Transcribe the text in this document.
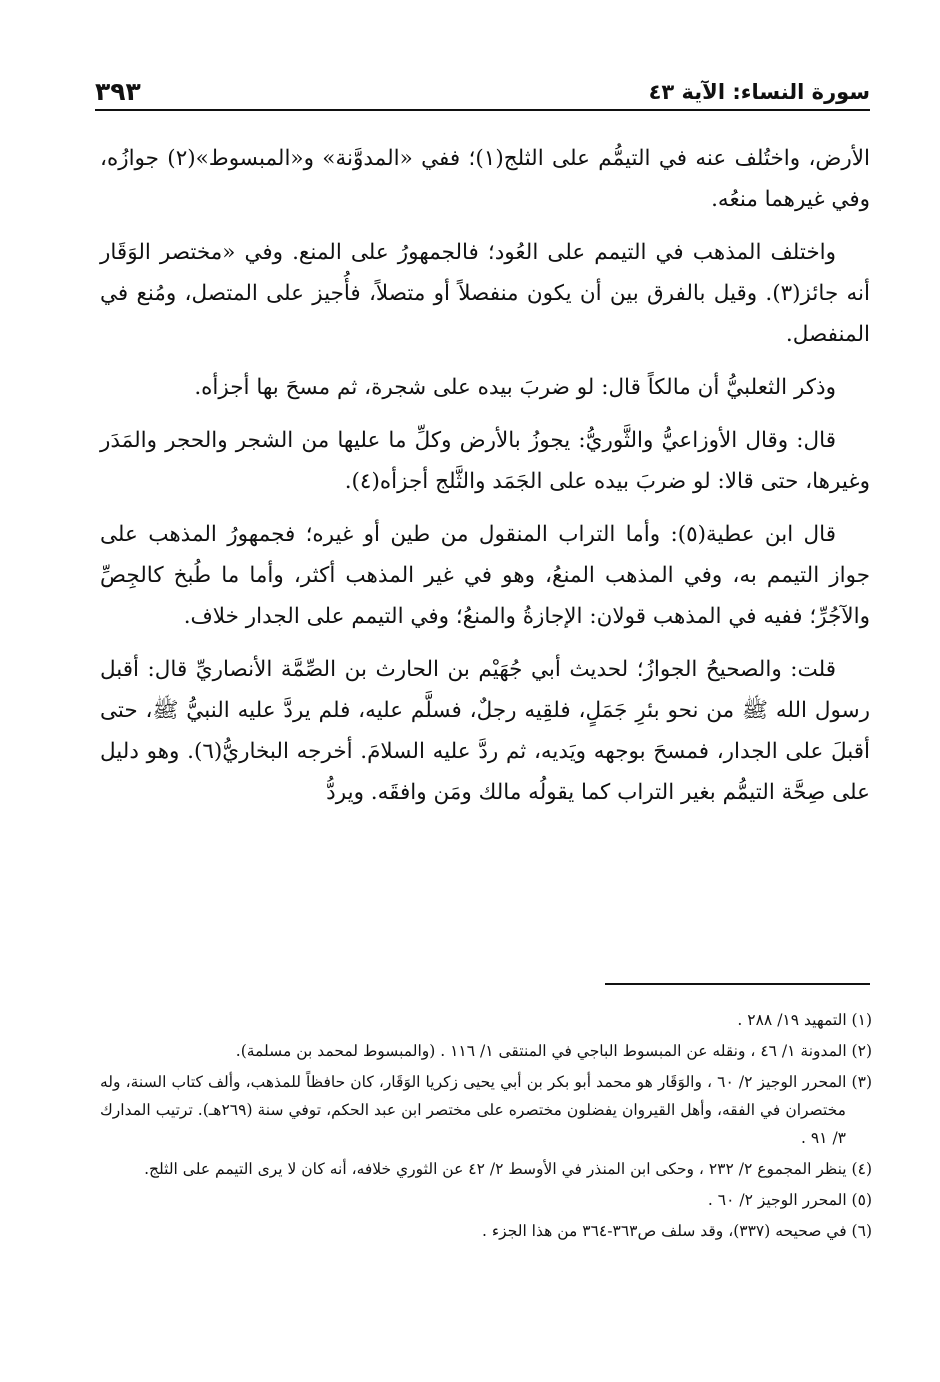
سورة النساء: الآية ٤٣
٣٩٣

الأرض، واختُلف عنه في التيمُّم على الثلج(١)؛ ففي «المدوَّنة» و«المبسوط»(٢) جوازُه، وفي غيرهما منعُه.

واختلف المذهب في التيمم على العُود؛ فالجمهورُ على المنع. وفي «مختصر الوَقَار أنه جائز(٣). وقيل بالفرق بين أن يكون منفصلاً أو متصلاً، فأُجيز على المتصل، ومُنع في المنفصل.

وذكر الثعلبيُّ أن مالكاً قال: لو ضربَ بيده على شجرة، ثم مسحَ بها أجزأه.

قال: وقال الأوزاعيُّ والثَّوريُّ: يجوزُ بالأرض وكلِّ ما عليها من الشجر والحجر والمَدَر وغيرها، حتى قالا: لو ضربَ بيده على الجَمَد والثَّلج أجزأه(٤).

قال ابن عطية(٥): وأما التراب المنقول من طين أو غيره؛ فجمهورُ المذهب على جواز التيمم به، وفي المذهب المنعُ، وهو في غير المذهب أكثر، وأما ما طُبخ كالجِصِّ والآجُرِّ؛ ففيه في المذهب قولان: الإجازةُ والمنعُ؛ وفي التيمم على الجدار خلاف.

قلت: والصحيحُ الجوازُ؛ لحديث أبي جُهَيْم بن الحارث بن الصِّمَّة الأنصاريِّ قال: أقبل رسول الله ﷺ من نحو بئرِ جَمَلٍ، فلقِيه رجلٌ، فسلَّم عليه، فلم يردَّ عليه النبيُّ ﷺ، حتى أقبلَ على الجدار، فمسحَ بوجهه ويَديه، ثم ردَّ عليه السلامَ. أخرجه البخاريُّ(٦). وهو دليل على صِحَّة التيمُّم بغير التراب كما يقولُه مالك ومَن وافقَه. ويردُّ

(١) التمهيد ١٩/ ٢٨٨ .
(٢) المدونة ١/ ٤٦ ، ونقله عن المبسوط الباجي في المنتقى ١/ ١١٦ . (والمبسوط لمحمد بن مسلمة).
(٣) المحرر الوجيز ٢/ ٦٠ ، والوَقَار هو محمد أبو بكر بن أبي يحيى زكريا الوَقَار، كان حافظاً للمذهب، وألف كتاب السنة، وله مختصران في الفقه، وأهل القيروان يفضلون مختصره على مختصر ابن عبد الحكم، توفي سنة (٢٦٩هـ). ترتيب المدارك ٣/ ٩١ .
(٤) ينظر المجموع ٢/ ٢٣٢ ، وحكى ابن المنذر في الأوسط ٢/ ٤٢ عن الثوري خلافه، أنه كان لا يرى التيمم على الثلج.
(٥) المحرر الوجيز ٢/ ٦٠ .
(٦) في صحيحه (٣٣٧)، وقد سلف ص٣٦٣-٣٦٤ من هذا الجزء .
